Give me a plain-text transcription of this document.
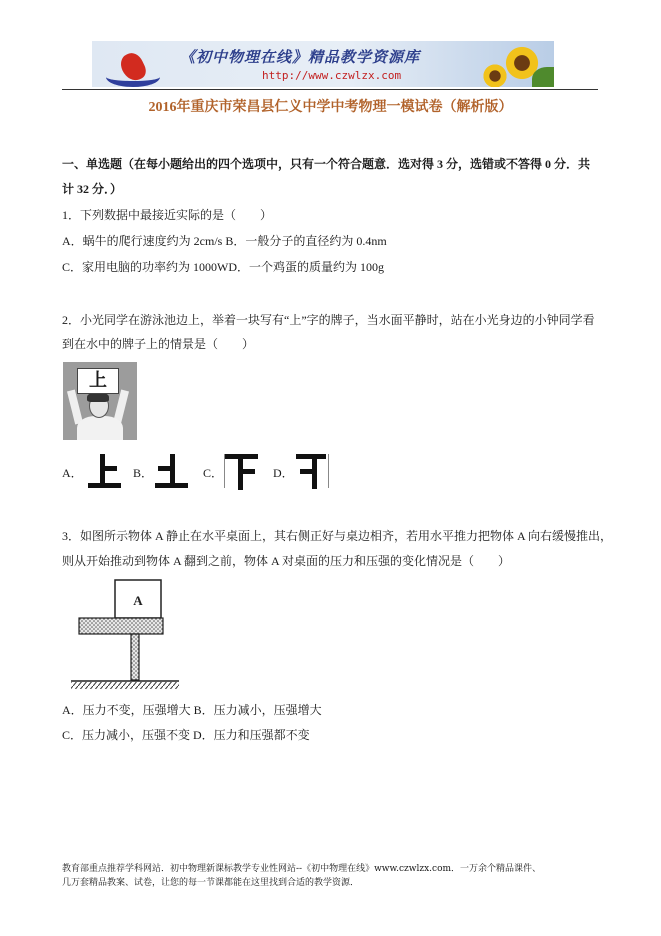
《初中物理在线》精品教学资源库
http://www.czwlzx.com
2016年重庆市荣昌县仁义中学中考物理一模试卷（解析版）
一、单选题（在每小题给出的四个选项中，只有一个符合题意．选对得 3 分，选错或不答得 0 分．共
计 32 分．）
1．下列数据中最接近实际的是（　　）
A．蜗牛的爬行速度约为 2cm/s B．一般分子的直径约为 0.4nm
C．家用电脑的功率约为 1000WD．一个鸡蛋的质量约为 100g
2．小光同学在游泳池边上，举着一块写有“上”字的牌子，当水面平静时，站在小光身边的小钟同学看
到在水中的牌子上的情景是（　　）
上
A．	B．	C．	D．
3．如图所示物体 A 静止在水平桌面上，其右侧正好与桌边相齐，若用水平推力把物体 A 向右缓慢推出，
则从开始推动到物体 A 翻到之前，物体 A 对桌面的压力和压强的变化情况是（　　）
A
A．压力不变，压强增大 B．压力减小，压强增大
C．压力减小，压强不变 D．压力和压强都不变
教育部重点推荐学科网站．初中物理新课标教学专业性网站--《初中物理在线》www.czwlzx.com．一万余个精品课件、
几万套精品教案、试卷，让您的每一节课都能在这里找到合适的教学资源．
